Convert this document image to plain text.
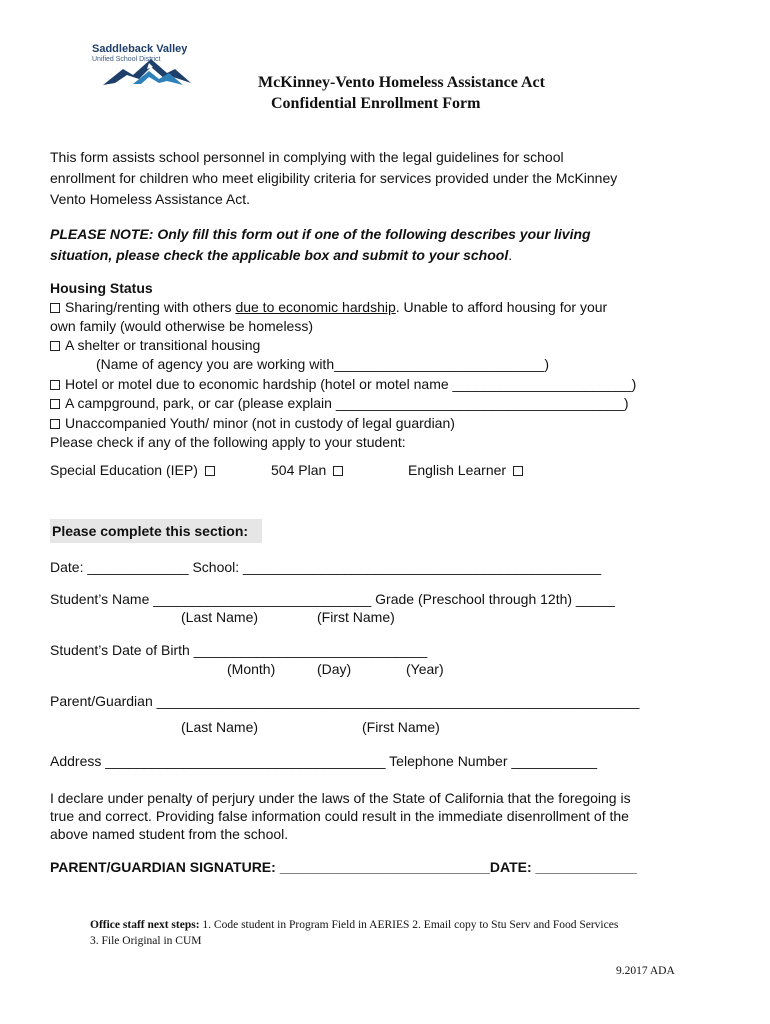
Saddleback Valley
Unified School District
McKinney-Vento Homeless Assistance Act
Confidential Enrollment Form
This form assists school personnel in complying with the legal guidelines for school
enrollment for children who meet eligibility criteria for services provided under the McKinney
Vento Homeless Assistance Act.
PLEASE NOTE: Only fill this form out if one of the following describes your living
situation, please check the applicable box and submit to your school.
Housing Status
Sharing/renting with others due to economic hardship. Unable to afford housing for your
own family (would otherwise be homeless)
A shelter or transitional housing
(Name of agency you are working with___________________________)
Hotel or motel due to economic hardship (hotel or motel name _______________________)
A campground, park, or car (please explain _____________________________________)
Unaccompanied Youth/ minor (not in custody of legal guardian)
Please check if any of the following apply to your student:
Special Education (IEP)	504 Plan	English Learner
Please complete this section:
Date: _____________ School: ______________________________________________
Student’s Name ____________________________ Grade (Preschool through 12th) _____
(Last Name)	(First Name)
Student’s Date of Birth ______________________________
(Month)	(Day)	(Year)
Parent/Guardian ______________________________________________________________
(Last Name)	(First Name)
Address ____________________________________ Telephone Number ___________
I declare under penalty of perjury under the laws of the State of California that the foregoing is
true and correct. Providing false information could result in the immediate disenrollment of the
above named student from the school.
PARENT/GUARDIAN SIGNATURE: ___________________________DATE: _____________
Office staff next steps: 1. Code student in Program Field in AERIES 2. Email copy to Stu Serv and Food Services
3. File Original in CUM
9.2017 ADA
